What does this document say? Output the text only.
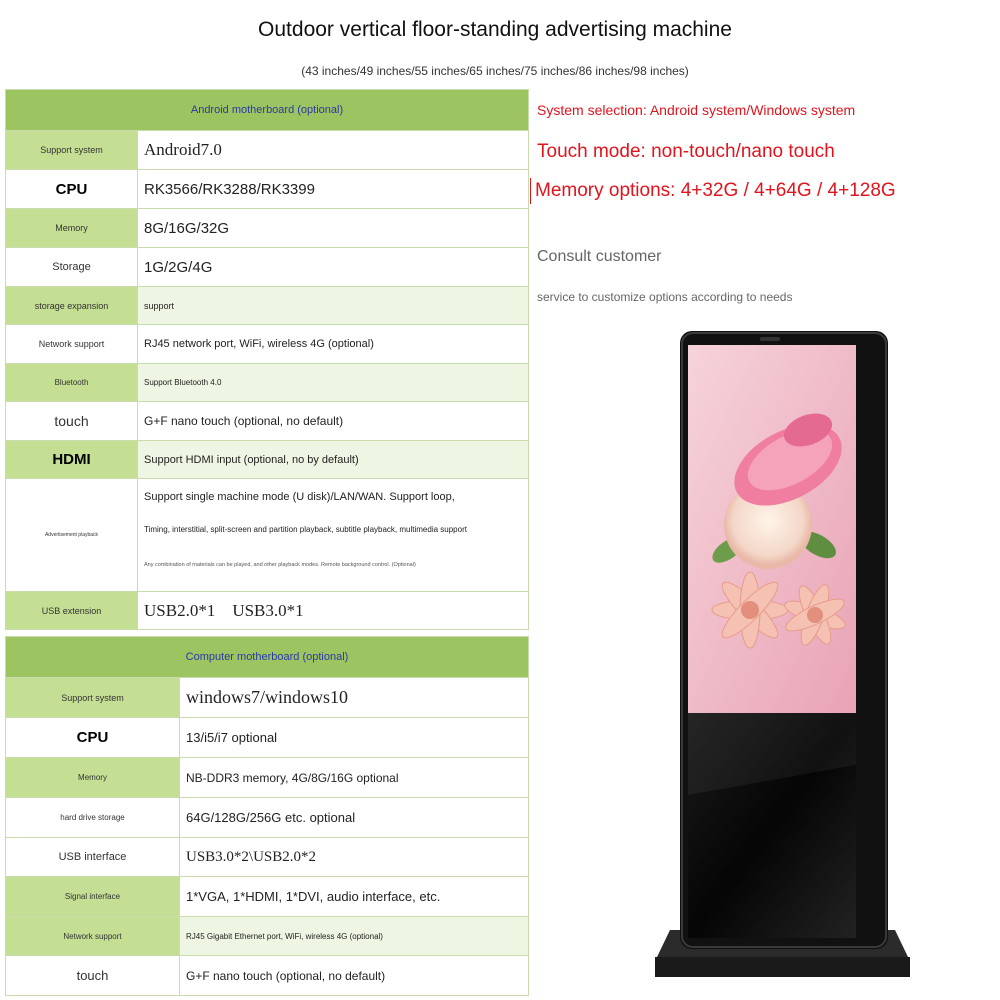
Outdoor vertical floor-standing advertising machine
(43 inches/49 inches/55 inches/65 inches/75 inches/86 inches/98 inches)
Android motherboard (optional)	
Support system	Android7.0
CPU	RK3566/RK3288/RK3399
Memory	8G/16G/32G
Storage	1G/2G/4G
storage expansion	support
Network support	RJ45 network port, WiFi, wireless 4G (optional)
Bluetooth	Support Bluetooth 4.0
touch	G+F nano touch (optional, no default)
HDMI	Support HDMI input (optional, no by default)
Advertisement playback	Support single machine mode (U disk)/LAN/WAN. Support loop,
Timing, interstitial, split-screen and partition playback, subtitle playback, multimedia support
Any combination of materials can be played, and other playback modes. Remote background control. (Optional)

USB extension	USB2.0*1    USB3.0*1
Computer motherboard (optional)	
Support system	windows7/windows10
CPU	13/i5/i7 optional
Memory	NB-DDR3 memory, 4G/8G/16G optional
hard drive storage	64G/128G/256G etc. optional
USB interface	USB3.0*2\USB2.0*2
Signal interface	1*VGA, 1*HDMI, 1*DVI, audio interface, etc.
Network support	RJ45 Gigabit Ethernet port, WiFi, wireless 4G (optional)
touch	G+F nano touch (optional, no default)
System selection: Android system/Windows system
Touch mode: non-touch/nano touch
Memory options: 4+32G / 4+64G / 4+128G
Consult customer
service to customize options according to needs
